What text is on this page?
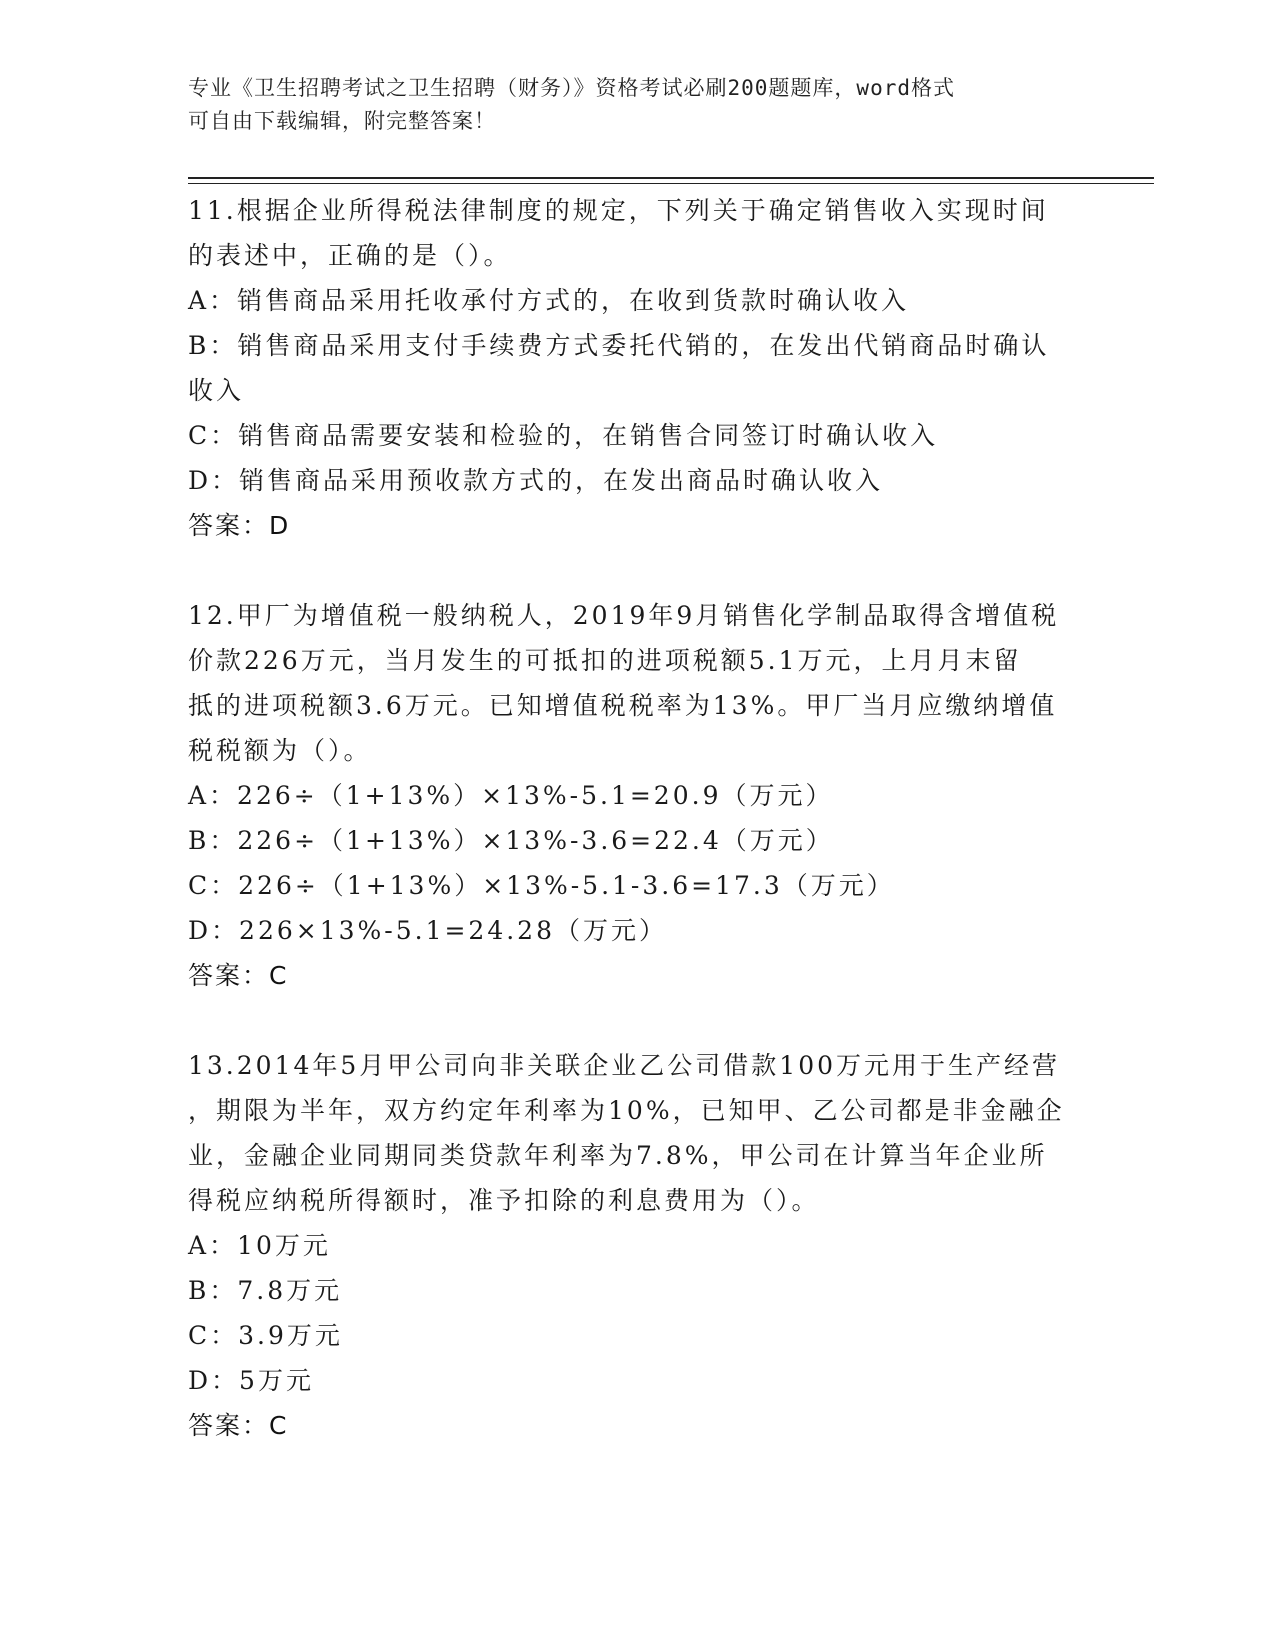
专业《卫生招聘考试之卫生招聘（财务）》资格考试必刷200题题库，word格式
可自由下载编辑，附完整答案！
11.根据企业所得税法律制度的规定，下列关于确定销售收入实现时间
的表述中，正确的是（）。
A：销售商品采用托收承付方式的，在收到货款时确认收入
B：销售商品采用支付手续费方式委托代销的，在发出代销商品时确认
收入
C：销售商品需要安装和检验的，在销售合同签订时确认收入
D：销售商品采用预收款方式的，在发出商品时确认收入
答案：D
12.甲厂为增值税一般纳税人，2019年9月销售化学制品取得含增值税
价款226万元，当月发生的可抵扣的进项税额5.1万元，上月月末留
抵的进项税额3.6万元。已知增值税税率为13%。甲厂当月应缴纳增值
税税额为（）。
A：226÷（1+13%）×13%-5.1=20.9（万元）
B：226÷（1+13%）×13%-3.6=22.4（万元）
C：226÷（1+13%）×13%-5.1-3.6=17.3（万元）
D：226×13%-5.1=24.28（万元）
答案：C
13.2014年5月甲公司向非关联企业乙公司借款100万元用于生产经营
，期限为半年，双方约定年利率为10%，已知甲、乙公司都是非金融企
业，金融企业同期同类贷款年利率为7.8%，甲公司在计算当年企业所
得税应纳税所得额时，准予扣除的利息费用为（）。
A：10万元
B：7.8万元
C：3.9万元
D：5万元
答案：C
